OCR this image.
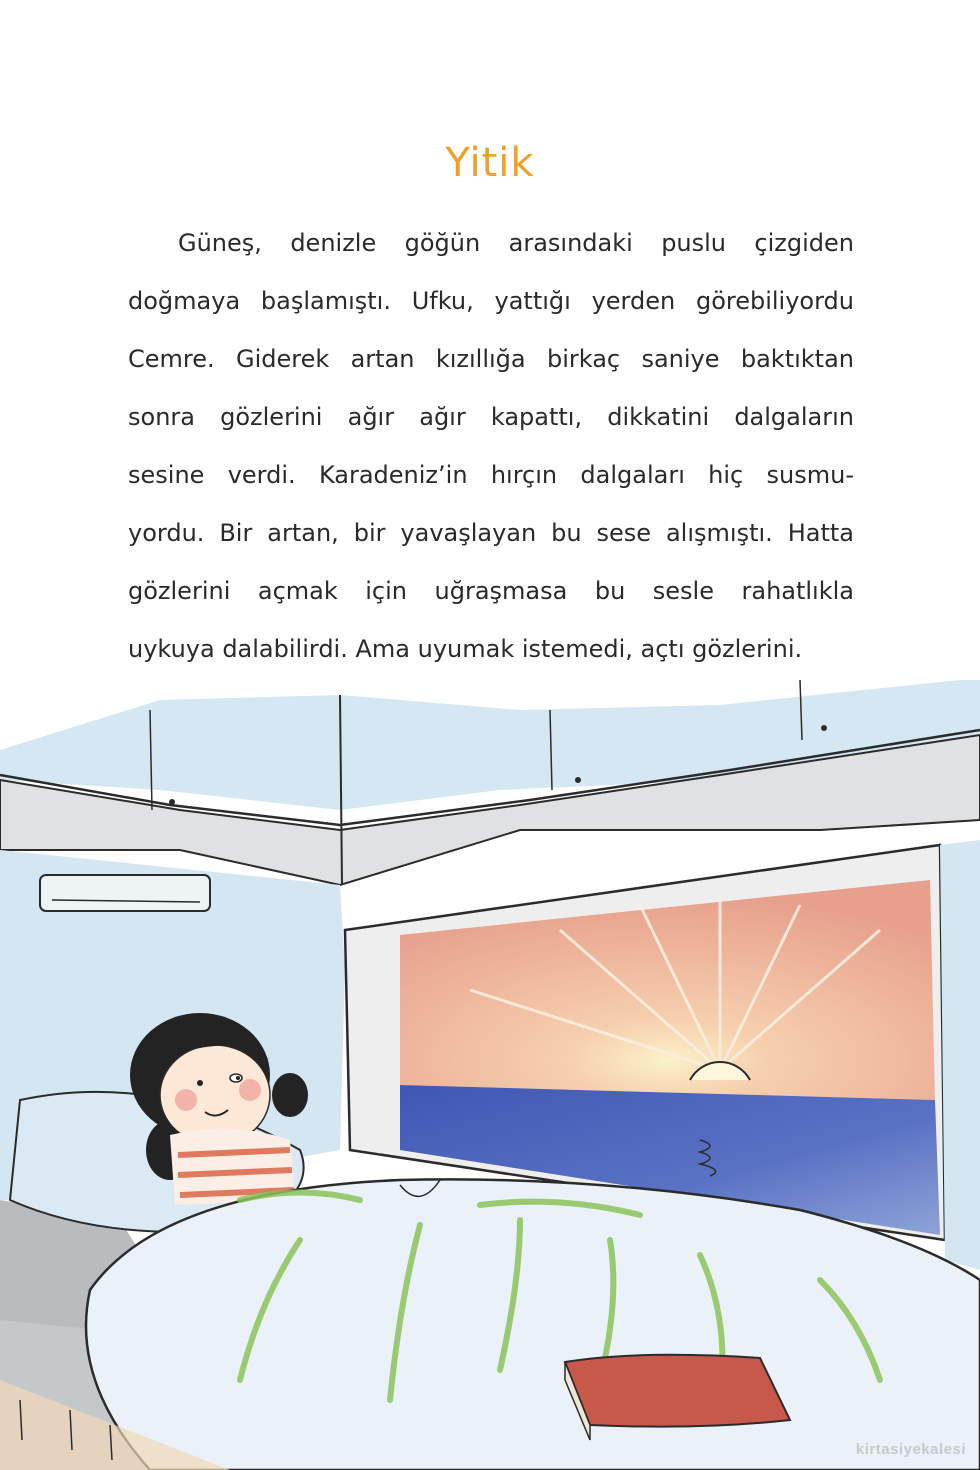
Yitik
Güneş, denizle göğün arasındaki puslu çizgiden
doğmaya başlamıştı. Ufku, yattığı yerden görebiliyordu
Cemre. Giderek artan kızıllığa birkaç saniye baktıktan
sonra gözlerini ağır ağır kapattı, dikkatini dalgaların
sesine verdi. Karadeniz’in hırçın dalgaları hiç susmu-
yordu. Bir artan, bir yavaşlayan bu sese alışmıştı. Hatta
gözlerini açmak için uğraşmasa bu sesle rahatlıkla
uykuya dalabilirdi. Ama uyumak istemedi, açtı gözlerini.
kirtasiyekalesi
